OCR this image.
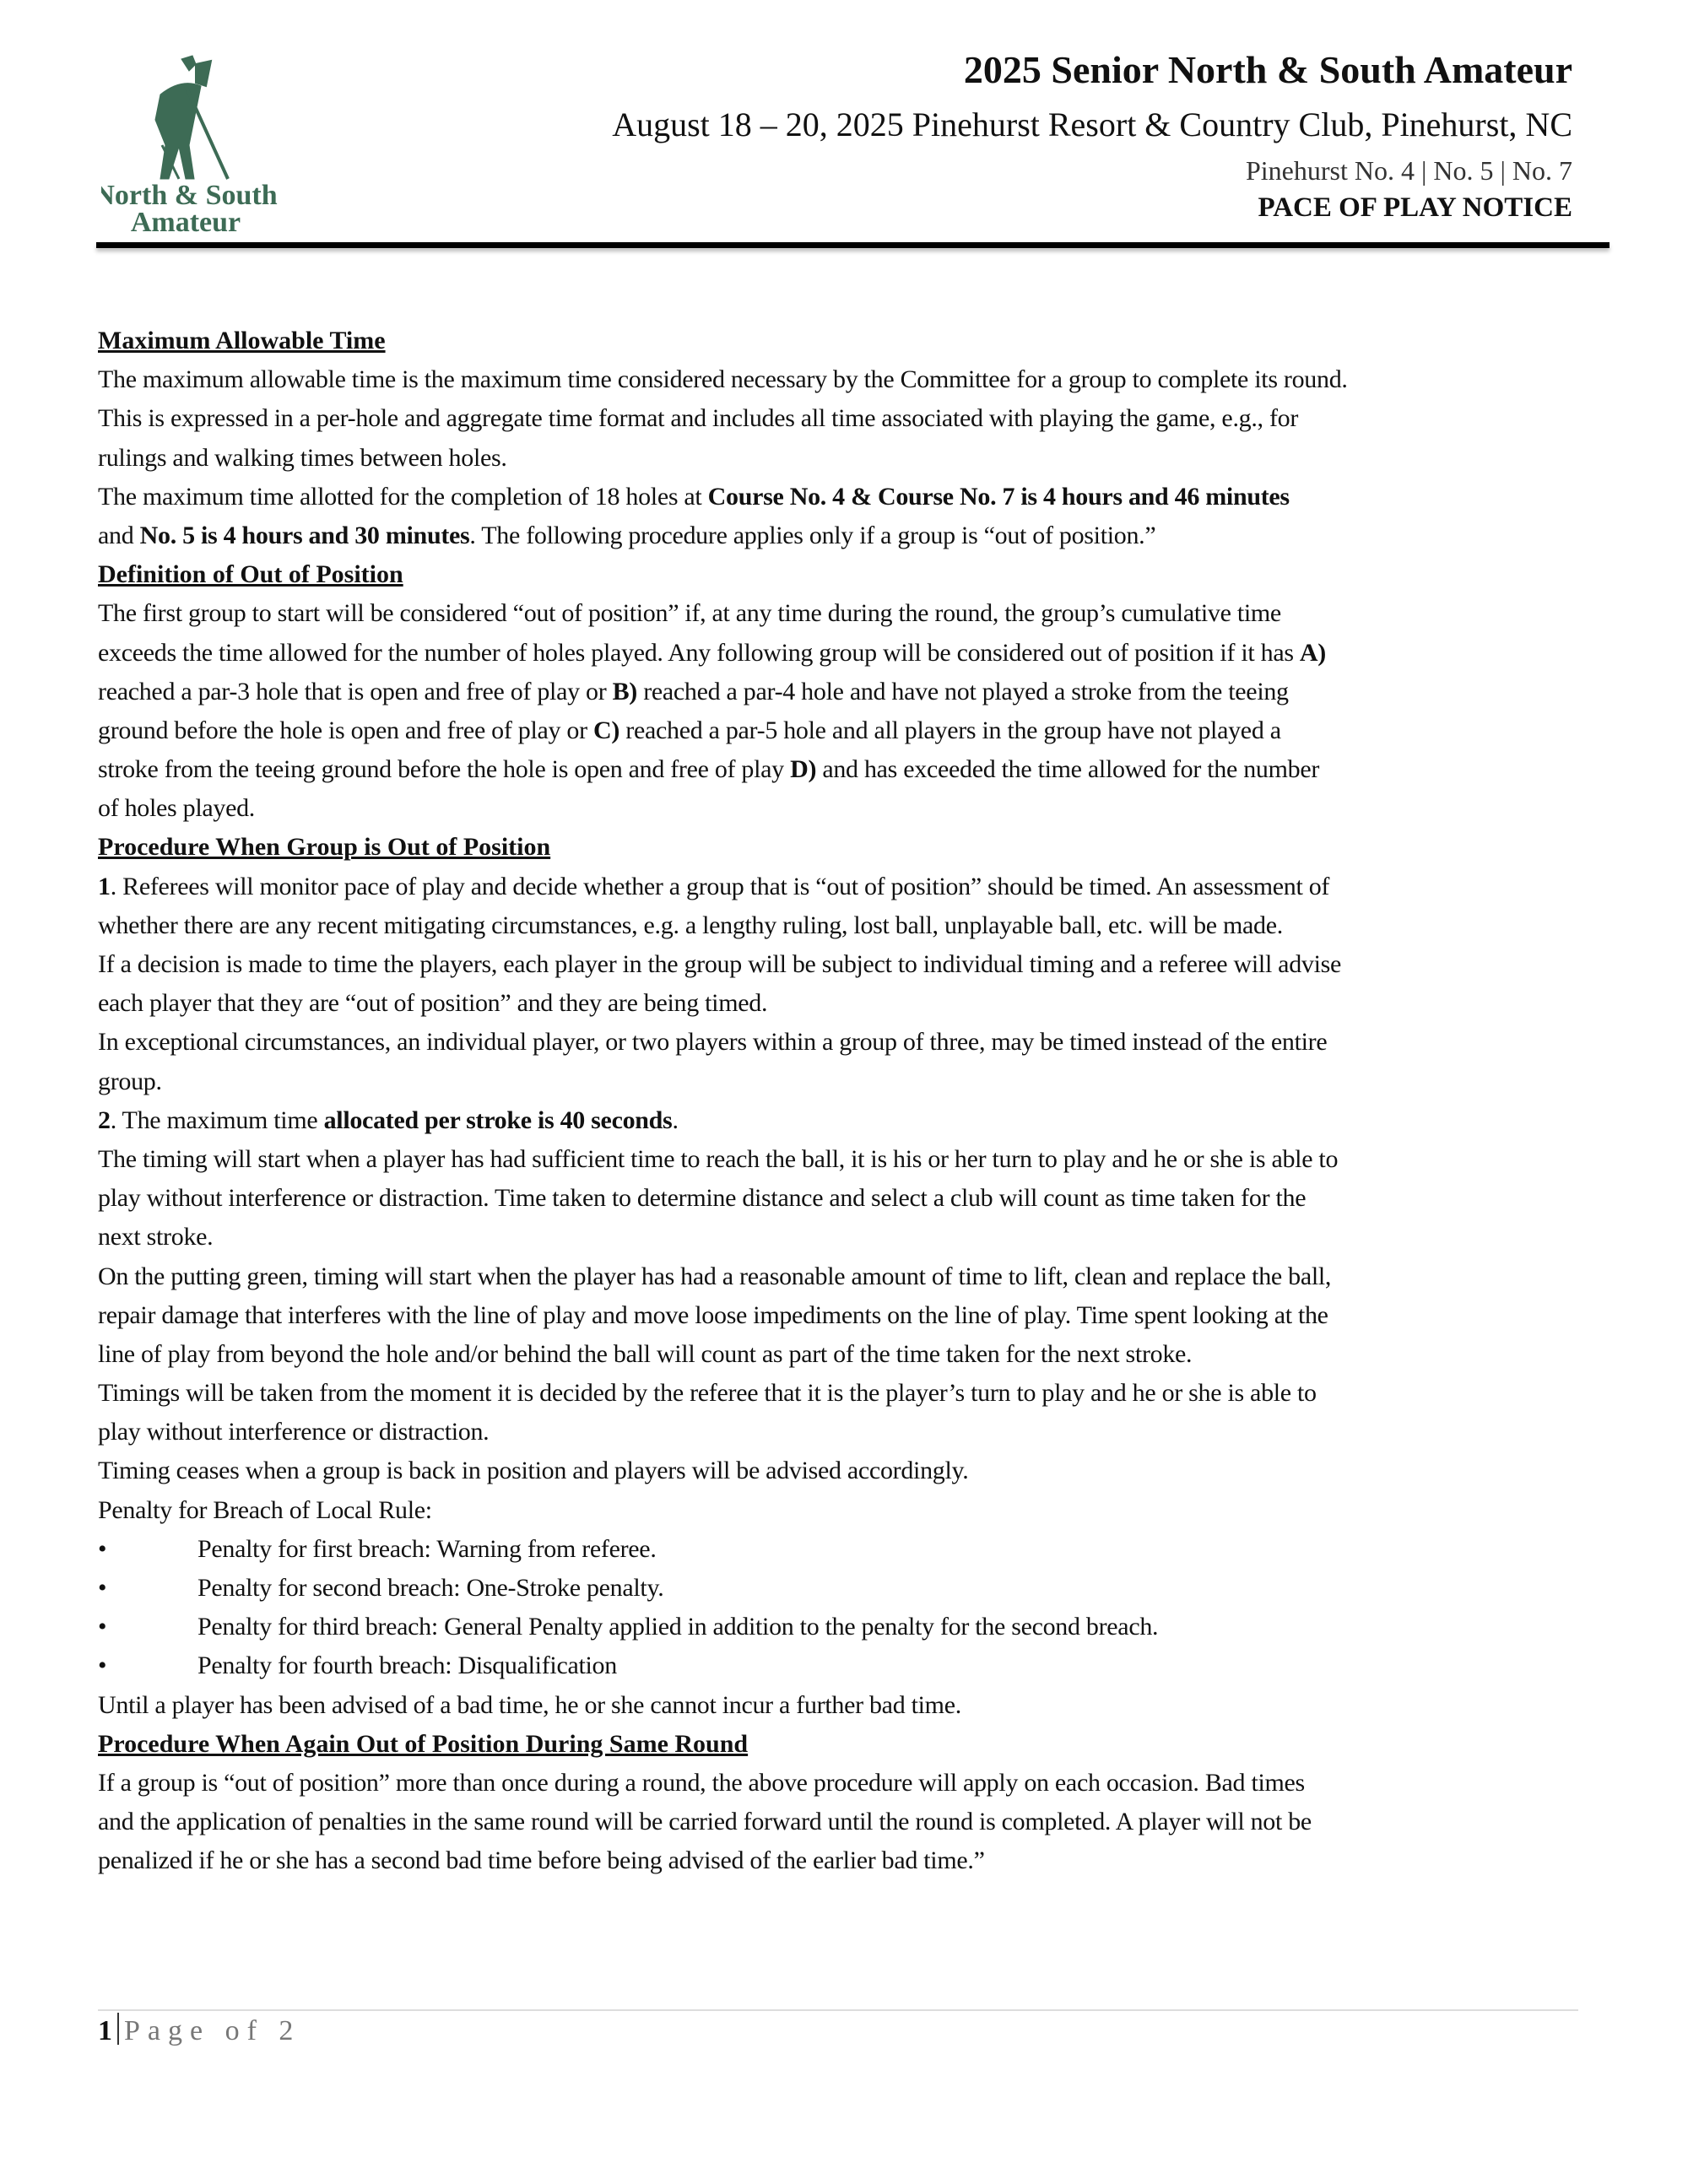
North & South
Amateur
2025 Senior North & South Amateur
August 18 – 20, 2025 Pinehurst Resort & Country Club, Pinehurst, NC
Pinehurst No. 4 | No. 5 | No. 7
PACE OF PLAY NOTICE
Maximum Allowable Time
The maximum allowable time is the maximum time considered necessary by the Committee for a group to complete its round.
This is expressed in a per-hole and aggregate time format and includes all time associated with playing the game, e.g., for
rulings and walking times between holes.
The maximum time allotted for the completion of 18 holes at Course No. 4 & Course No. 7 is 4 hours and 46 minutes
and No. 5 is 4 hours and 30 minutes. The following procedure applies only if a group is “out of position.”
Definition of Out of Position
The first group to start will be considered “out of position” if, at any time during the round, the group’s cumulative time
exceeds the time allowed for the number of holes played. Any following group will be considered out of position if it has A)
reached a par-3 hole that is open and free of play or B) reached a par-4 hole and have not played a stroke from the teeing
ground before the hole is open and free of play or C) reached a par-5 hole and all players in the group have not played a
stroke from the teeing ground before the hole is open and free of play D) and has exceeded the time allowed for the number
of holes played.
Procedure When Group is Out of Position
1. Referees will monitor pace of play and decide whether a group that is “out of position” should be timed. An assessment of
whether there are any recent mitigating circumstances, e.g. a lengthy ruling, lost ball, unplayable ball, etc. will be made.
If a decision is made to time the players, each player in the group will be subject to individual timing and a referee will advise
each player that they are “out of position” and they are being timed.
In exceptional circumstances, an individual player, or two players within a group of three, may be timed instead of the entire
group.
2. The maximum time allocated per stroke is 40 seconds.
The timing will start when a player has had sufficient time to reach the ball, it is his or her turn to play and he or she is able to
play without interference or distraction. Time taken to determine distance and select a club will count as time taken for the
next stroke.
On the putting green, timing will start when the player has had a reasonable amount of time to lift, clean and replace the ball,
repair damage that interferes with the line of play and move loose impediments on the line of play. Time spent looking at the
line of play from beyond the hole and/or behind the ball will count as part of the time taken for the next stroke.
Timings will be taken from the moment it is decided by the referee that it is the player’s turn to play and he or she is able to
play without interference or distraction.
Timing ceases when a group is back in position and players will be advised accordingly.
Penalty for Breach of Local Rule:
•	Penalty for first breach: Warning from referee.
•	Penalty for second breach: One-Stroke penalty.
•	Penalty for third breach: General Penalty applied in addition to the penalty for the second breach.
•	Penalty for fourth breach: Disqualification
Until a player has been advised of a bad time, he or she cannot incur a further bad time.
Procedure When Again Out of Position During Same Round
If a group is “out of position” more than once during a round, the above procedure will apply on each occasion. Bad times
and the application of penalties in the same round will be carried forward until the round is completed. A player will not be
penalized if he or she has a second bad time before being advised of the earlier bad time.”
1 Page of 2
